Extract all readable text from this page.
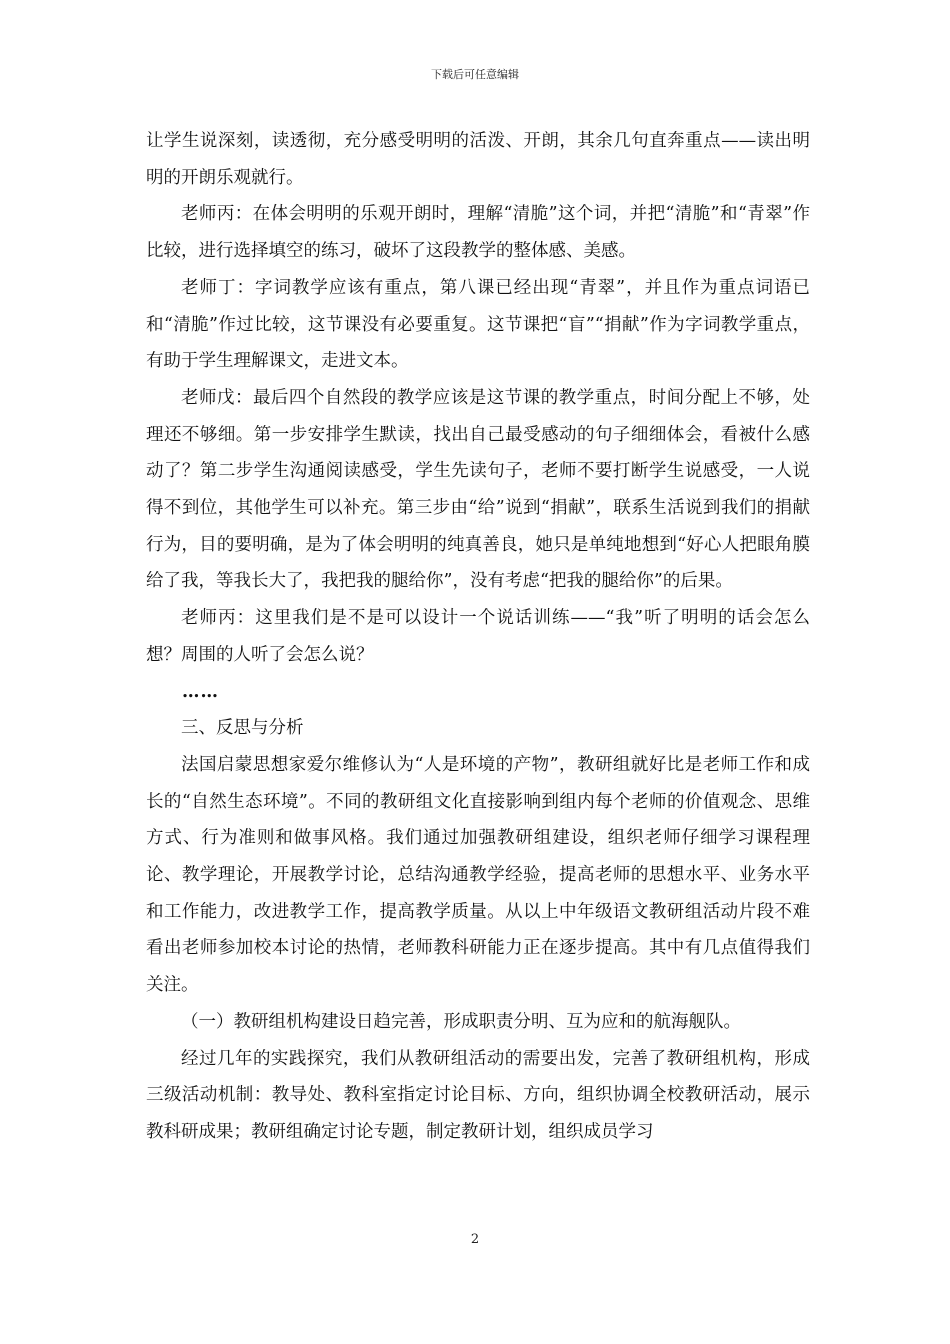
下载后可任意编辑

让学生说深刻，读透彻，充分感受明明的活泼、开朗，其余几句直奔重点——读出明明的开朗乐观就行。

老师丙：在体会明明的乐观开朗时，理解“清脆”这个词，并把“清脆”和“青翠”作比较，进行选择填空的练习，破坏了这段教学的整体感、美感。

老师丁：字词教学应该有重点，第八课已经出现“青翠”，并且作为重点词语已和“清脆”作过比较，这节课没有必要重复。这节课把“盲”“捐献”作为字词教学重点，有助于学生理解课文，走进文本。

老师戊：最后四个自然段的教学应该是这节课的教学重点，时间分配上不够，处理还不够细。第一步安排学生默读，找出自己最受感动的句子细细体会，看被什么感动了？第二步学生沟通阅读感受，学生先读句子，老师不要打断学生说感受，一人说得不到位，其他学生可以补充。第三步由“给”说到“捐献”，联系生活说到我们的捐献行为，目的要明确，是为了体会明明的纯真善良，她只是单纯地想到“好心人把眼角膜给了我，等我长大了，我把我的腿给你”，没有考虑“把我的腿给你”的后果。

老师丙：这里我们是不是可以设计一个说话训练——“我”听了明明的话会怎么想？周围的人听了会怎么说？

……

三、反思与分析

法国启蒙思想家爱尔维修认为“人是环境的产物”，教研组就好比是老师工作和成长的“自然生态环境”。不同的教研组文化直接影响到组内每个老师的价值观念、思维方式、行为准则和做事风格。我们通过加强教研组建设，组织老师仔细学习课程理论、教学理论，开展教学讨论，总结沟通教学经验，提高老师的思想水平、业务水平和工作能力，改进教学工作，提高教学质量。从以上中年级语文教研组活动片段不难看出老师参加校本讨论的热情，老师教科研能力正在逐步提高。其中有几点值得我们关注。

（一）教研组机构建设日趋完善，形成职责分明、互为应和的航海舰队。

经过几年的实践探究，我们从教研组活动的需要出发，完善了教研组机构，形成三级活动机制：教导处、教科室指定讨论目标、方向，组织协调全校教研活动，展示教科研成果；教研组确定讨论专题，制定教研计划，组织成员学习

2
